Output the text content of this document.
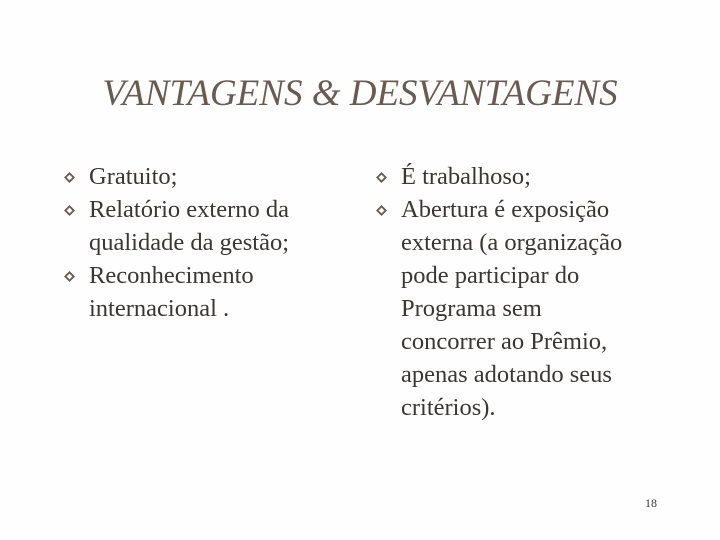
VANTAGENS & DESVANTAGENS
Gratuito;
Relatório externo da
qualidade da gestão;
Reconhecimento
internacional .
É trabalhoso;
Abertura é exposição
externa (a organização
pode participar do
Programa sem
concorrer ao Prêmio,
apenas adotando seus
critérios).
18
